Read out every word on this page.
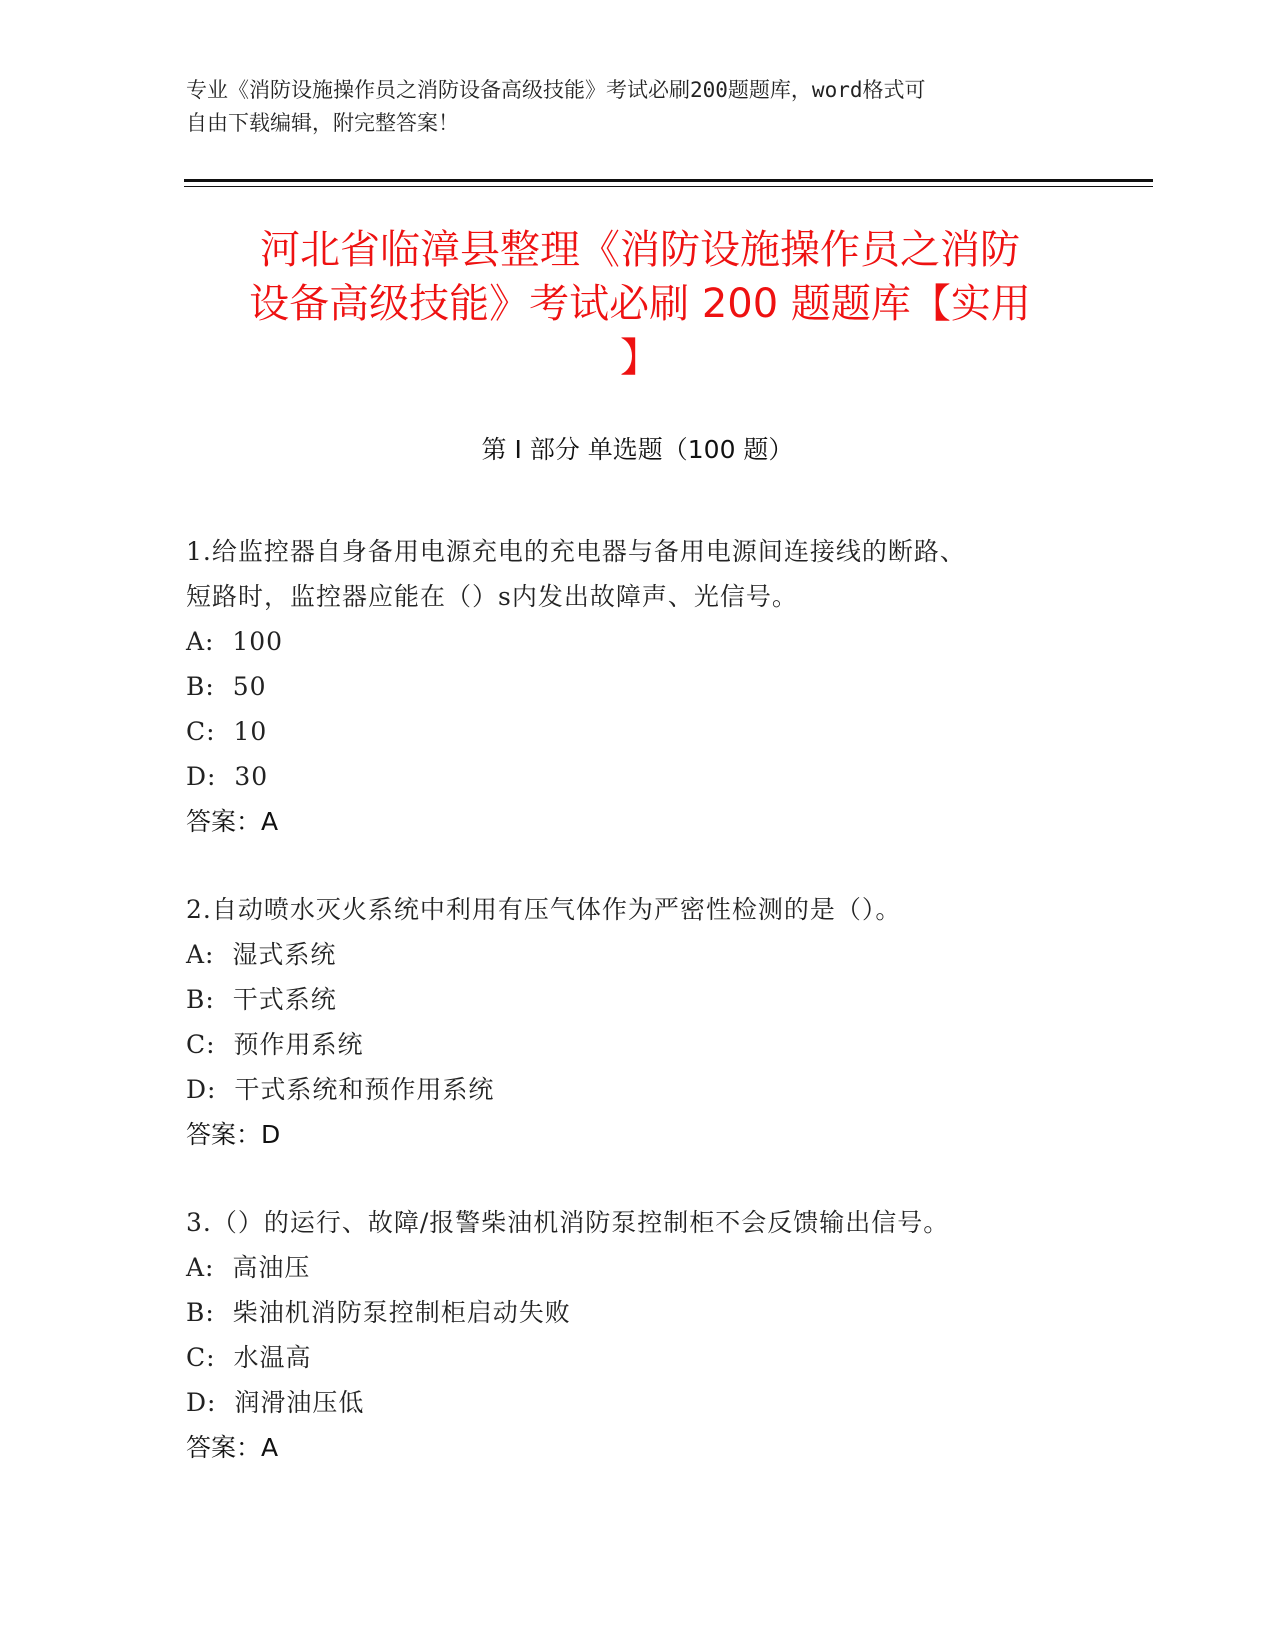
专业《消防设施操作员之消防设备高级技能》考试必刷200题题库，word格式可
自由下载编辑，附完整答案！
河北省临漳县整理《消防设施操作员之消防
设备高级技能》考试必刷 200 题题库【实用
】
第 I 部分 单选题（100 题）
1.给监控器自身备用电源充电的充电器与备用电源间连接线的断路、
短路时，监控器应能在（）s内发出故障声、光信号。
A:  100
B:  50
C:  10
D:  30
答案：A
2.自动喷水灭火系统中利用有压气体作为严密性检测的是（）。
A:  湿式系统
B:  干式系统
C:  预作用系统
D:  干式系统和预作用系统
答案：D
3.（）的运行、故障/报警柴油机消防泵控制柜不会反馈输出信号。
A:  高油压
B:  柴油机消防泵控制柜启动失败
C:  水温高
D:  润滑油压低
答案：A
